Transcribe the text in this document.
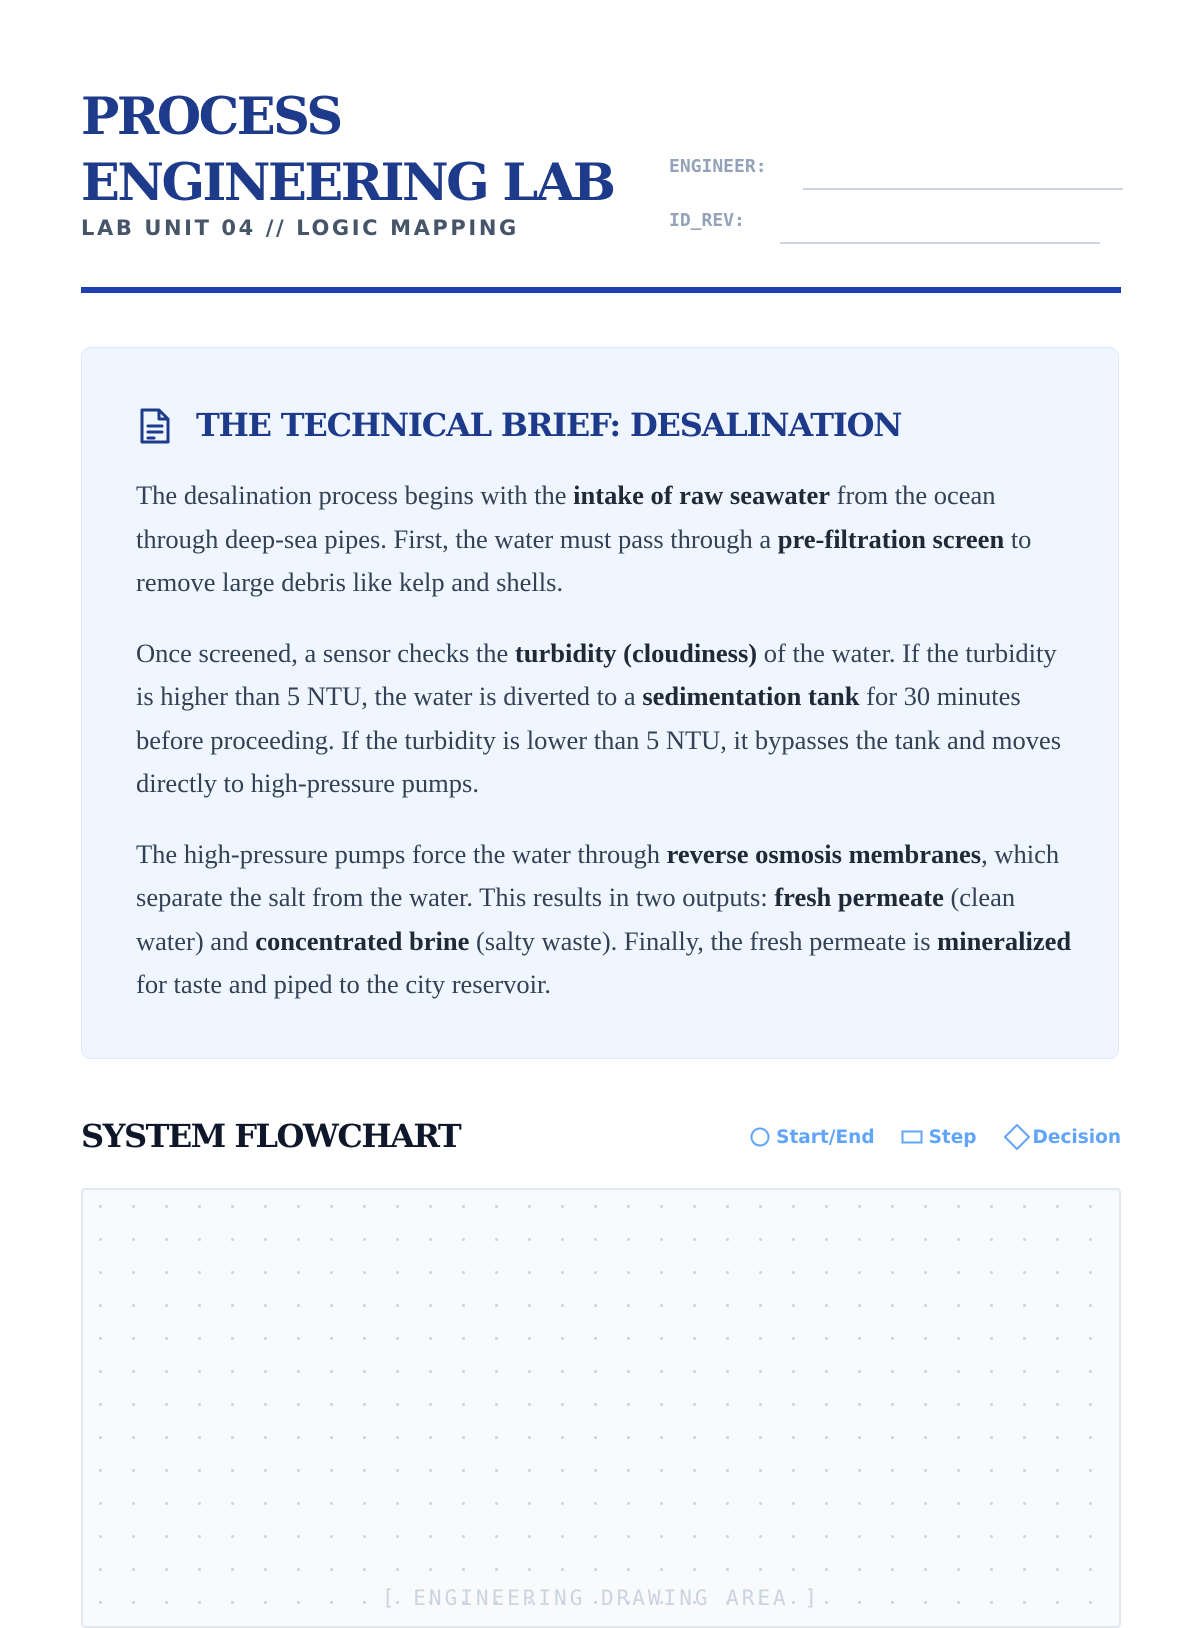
PROCESS
ENGINEERING LAB
LAB UNIT 04 // LOGIC MAPPING
ENGINEER:
ID_REV:
THE TECHNICAL BRIEF: DESALINATION

The desalination process begins with the intake of raw seawater from the ocean through deep-sea pipes. First, the water must pass through a pre-filtration screen to remove large debris like kelp and shells.

Once screened, a sensor checks the turbidity (cloudiness) of the water. If the turbidity is higher than 5 NTU, the water is diverted to a sedimentation tank for 30 minutes before proceeding. If the turbidity is lower than 5 NTU, it bypasses the tank and moves directly to high-pressure pumps.

The high-pressure pumps force the water through reverse osmosis membranes, which separate the salt from the water. This results in two outputs: fresh permeate (clean water) and concentrated brine (salty waste). Finally, the fresh permeate is mineralized for taste and piped to the city reservoir.

SYSTEM FLOWCHART	Start/End	Step	Decision
[ ENGINEERING DRAWING AREA ]
